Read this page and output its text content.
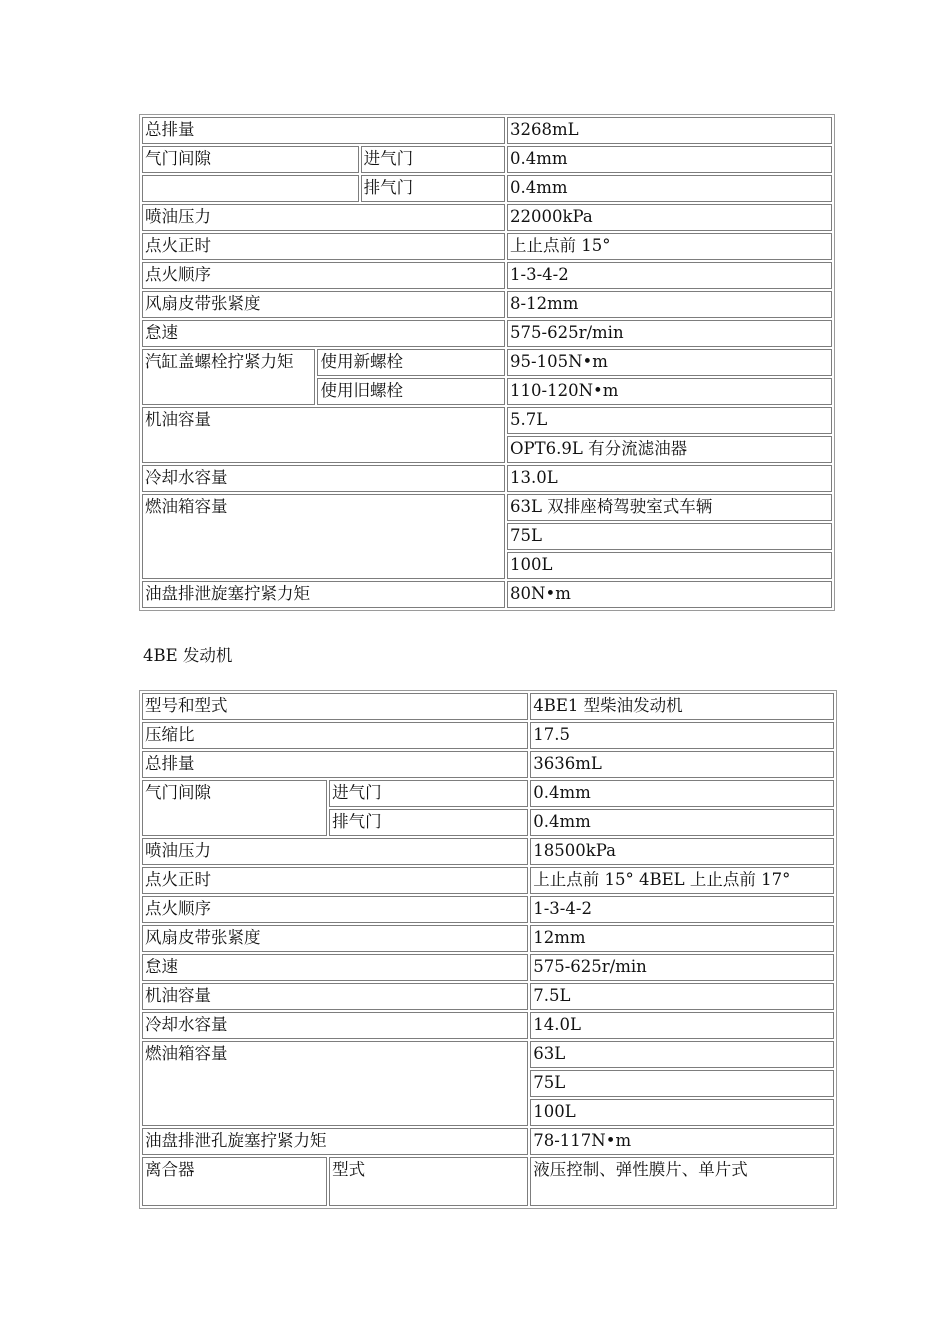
总排量			3268mL
气门间隙		进气门	0.4mm
		排气门	0.4mm
喷油压力			22000kPa
点火正时			上止点前 15°
点火顺序			1-3-4-2
风扇皮带张紧度			8-12mm
怠速			575-625r/min
汽缸盖螺栓拧紧力矩	使用新螺栓		95-105N•m
	使用旧螺栓		110-120N•m
机油容量			5.7L
			OPT6.9L 有分流滤油器
冷却水容量			13.0L
燃油箱容量			63L 双排座椅驾驶室式车辆
			75L
			100L
油盘排泄旋塞拧紧力矩			80N•m
4BE 发动机
型号和型式		4BE1 型柴油发动机
压缩比		17.5
总排量		3636mL
气门间隙	进气门	0.4mm
	排气门	0.4mm
喷油压力		18500kPa
点火正时		上止点前 15° 4BEL 上止点前 17°
点火顺序		1-3-4-2
风扇皮带张紧度		12mm
怠速		575-625r/min
机油容量		7.5L
冷却水容量		14.0L
燃油箱容量		63L
		75L
		100L
油盘排泄孔旋塞拧紧力矩		78-117N•m
离合器	型式	液压控制、弹性膜片、单片式
